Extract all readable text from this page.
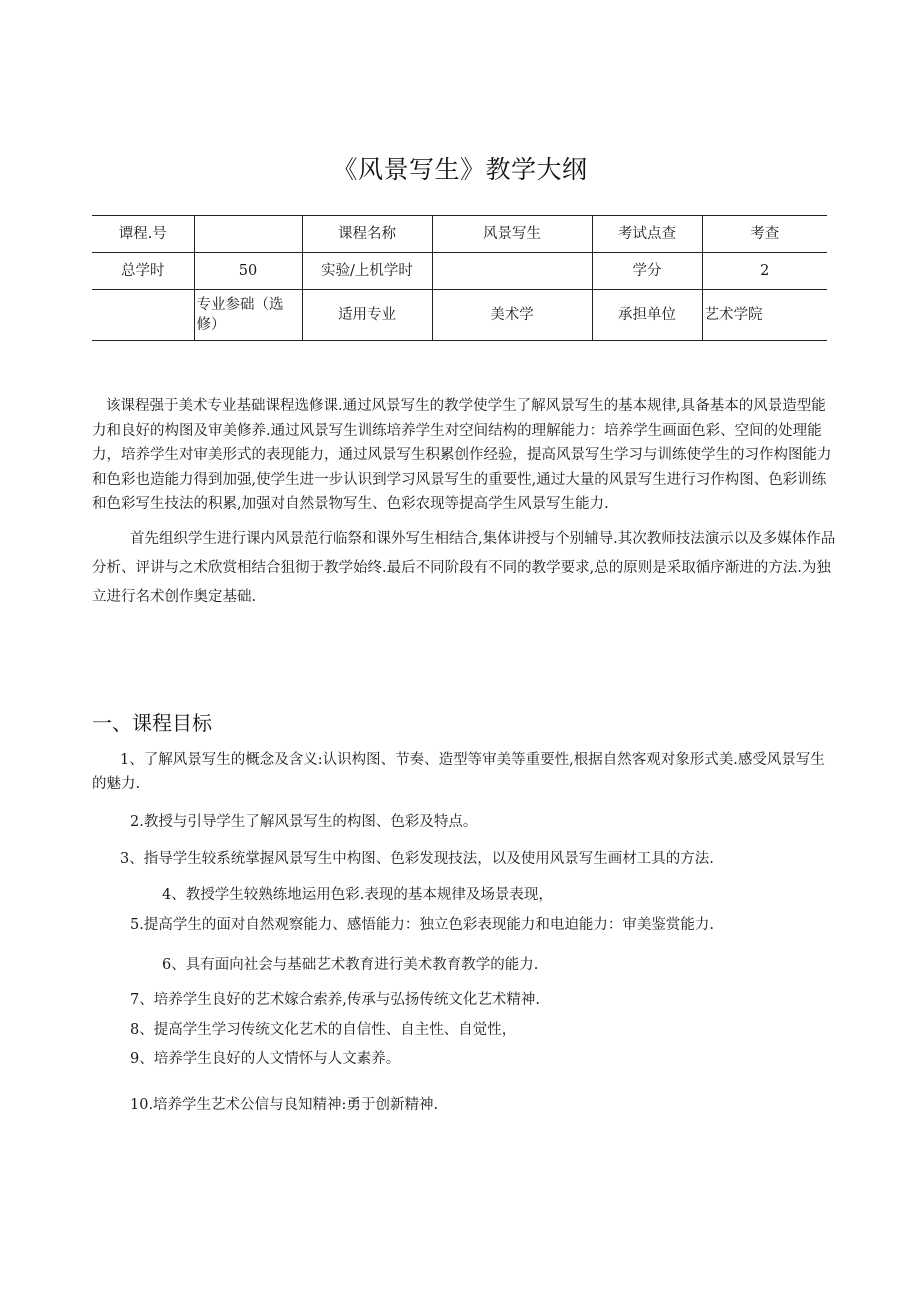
《风景写生》教学大纲
谭程.号		课程名称	风景写生	考试点查	考查
总学时	50	实验/上机学时		学分	2
	专业参础（选修）	适用专业	美术学	承担单位	艺术学院

该课程强于美术专业基础课程选修课.通过风景写生的教学使学生了解风景写生的基本规律,具备基本的风景造型能力和良好的构图及审美修养.通过风景写生训练培养学生对空间结构的理解能力：培养学生画面色彩、空间的处理能力，培养学生对审美形式的表现能力，通过风景写生积累创作经验，提高风景写生学习与训练使学生的习作构图能力和色彩也造能力得到加强,使学生进一步认识到学习风景写生的重要性,通过大量的风景写生进行习作构图、色彩训练和色彩写生技法的积累,加强对自然景物写生、色彩农现等提高学生风景写生能力.

首先组织学生进行课内风景范行临祭和课外写生相结合,集体讲授与个别辅导.其次教师技法演示以及多媒体作品分析、评讲与之术欣赏相结合狙彻于教学始终.最后不同阶段有不同的教学要求,总的原则是采取循序渐进的方法.为独立进行名术创作奥定基础.

一、课程目标

1、了解风景写生的概念及含义:认识构图、节奏、造型等审美等重要性,根据自然客观对象形式美.感受风景写生的魅力.

2.教授与引导学生了解风景写生的构图、色彩及特点。

3、指导学生较系统掌握风景写生中构图、色彩发现技法，以及使用风景写生画材工具的方法.

4、教授学生较熟练地运用色彩.表现的基本规律及场景表现，

5.提高学生的面对自然观察能力、感悟能力：独立色彩表现能力和电迫能力：审美鉴赏能力.

6、具有面向社会与基础艺术教育进行美术教育教学的能力.

7、培养学生良好的艺术嫁合索养,传承与弘扬传统文化艺术精神.

8、提高学生学习传统文化艺术的自信性、自主性、自觉性，

9、培养学生良好的人文情怀与人文素养。

10.培养学生艺术公信与良知精神:勇于创新精神.
